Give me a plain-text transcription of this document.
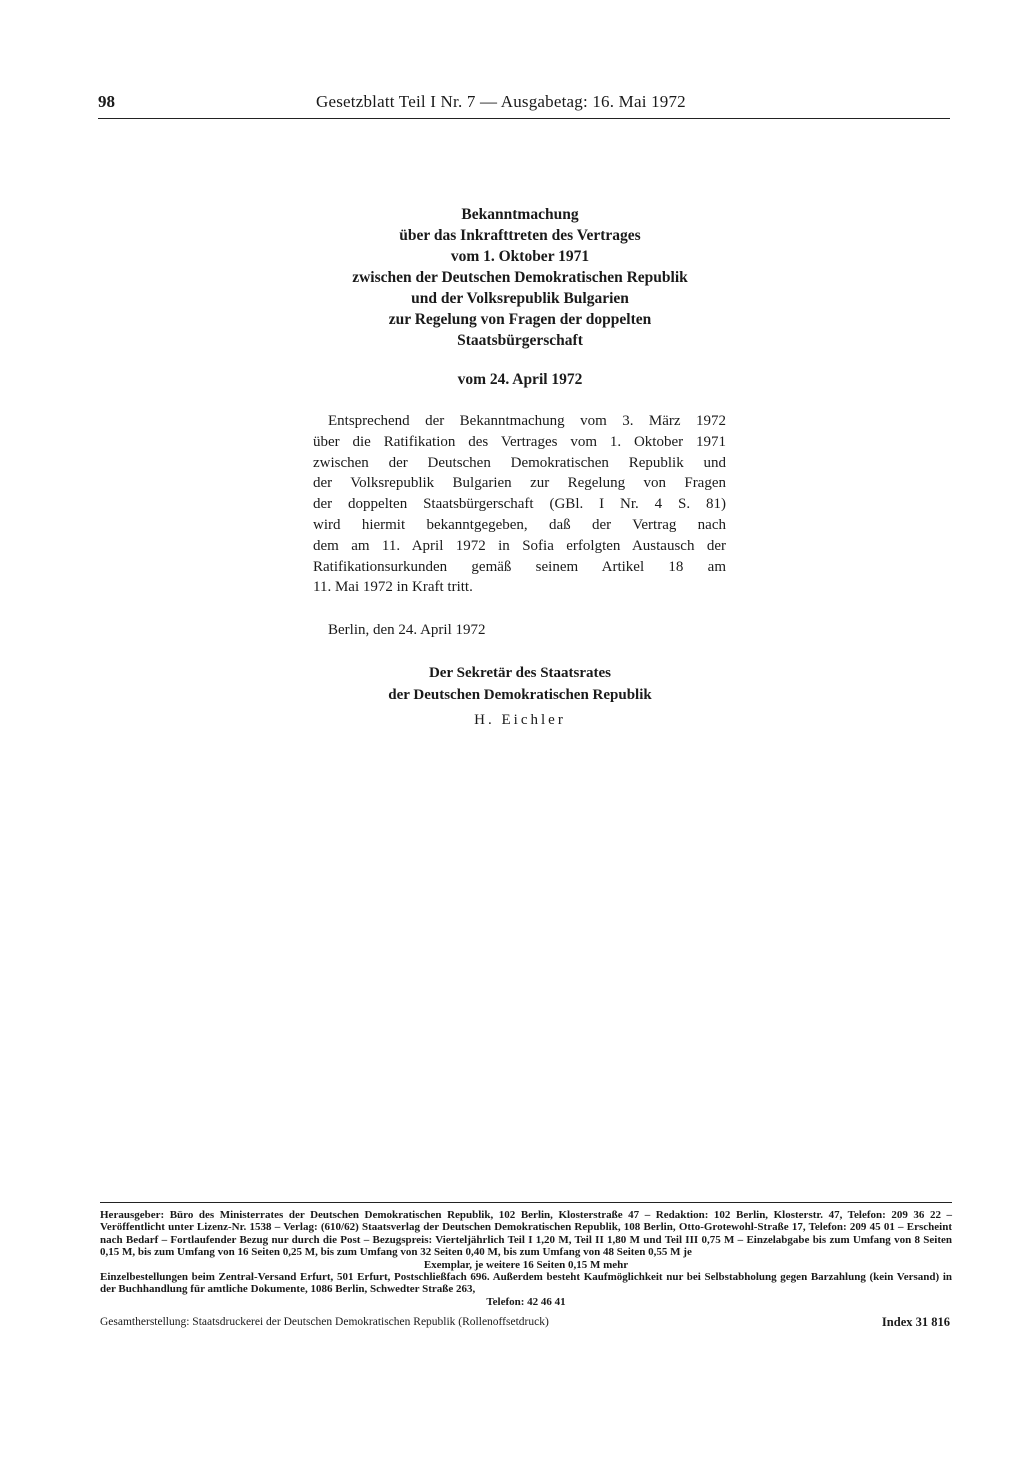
98	Gesetzblatt Teil I Nr. 7 — Ausgabetag: 16. Mai 1972
Bekanntmachung
über das Inkrafttreten des Vertrages
vom 1. Oktober 1971
zwischen der Deutschen Demokratischen Republik
und der Volksrepublik Bulgarien
zur Regelung von Fragen der doppelten
Staatsbürgerschaft
vom 24. April 1972
Entsprechend der Bekanntmachung vom 3. März 1972
über die Ratifikation des Vertrages vom 1. Oktober 1971
zwischen der Deutschen Demokratischen Republik und
der Volksrepublik Bulgarien zur Regelung von Fragen
der doppelten Staatsbürgerschaft (GBl. I Nr. 4 S. 81)
wird hiermit bekanntgegeben, daß der Vertrag nach
dem am 11. April 1972 in Sofia erfolgten Austausch der
Ratifikationsurkunden gemäß seinem Artikel 18 am
11. Mai 1972 in Kraft tritt.
Berlin, den 24. April 1972
Der Sekretär des Staatsrates
der Deutschen Demokratischen Republik
H. Eichler
Herausgeber: Büro des Ministerrates der Deutschen Demokratischen Republik, 102 Berlin, Klosterstraße 47 – Redaktion: 102 Berlin, Klosterstr. 47, Telefon: 209 36 22 – Veröffentlicht unter Lizenz-Nr. 1538 – Verlag: (610/62) Staatsverlag der Deutschen Demokratischen Republik, 108 Berlin, Otto-Grotewohl-Straße 17, Telefon: 209 45 01 – Erscheint nach Bedarf – Fortlaufender Bezug nur durch die Post – Bezugspreis: Vierteljährlich Teil I 1,20 M, Teil II 1,80 M und Teil III 0,75 M – Einzelabgabe bis zum Umfang von 8 Seiten 0,15 M, bis zum Umfang von 16 Seiten 0,25 M, bis zum Umfang von 32 Seiten 0,40 M, bis zum Umfang von 48 Seiten 0,55 M je
Exemplar, je weitere 16 Seiten 0,15 M mehr
Einzelbestellungen beim Zentral-Versand Erfurt, 501 Erfurt, Postschließfach 696. Außerdem besteht Kaufmöglichkeit nur bei Selbstabholung gegen Barzahlung (kein Versand) in der Buchhandlung für amtliche Dokumente, 1086 Berlin, Schwedter Straße 263,
Telefon: 42 46 41
Gesamtherstellung: Staatsdruckerei der Deutschen Demokratischen Republik (Rollenoffsetdruck)	Index 31 816
